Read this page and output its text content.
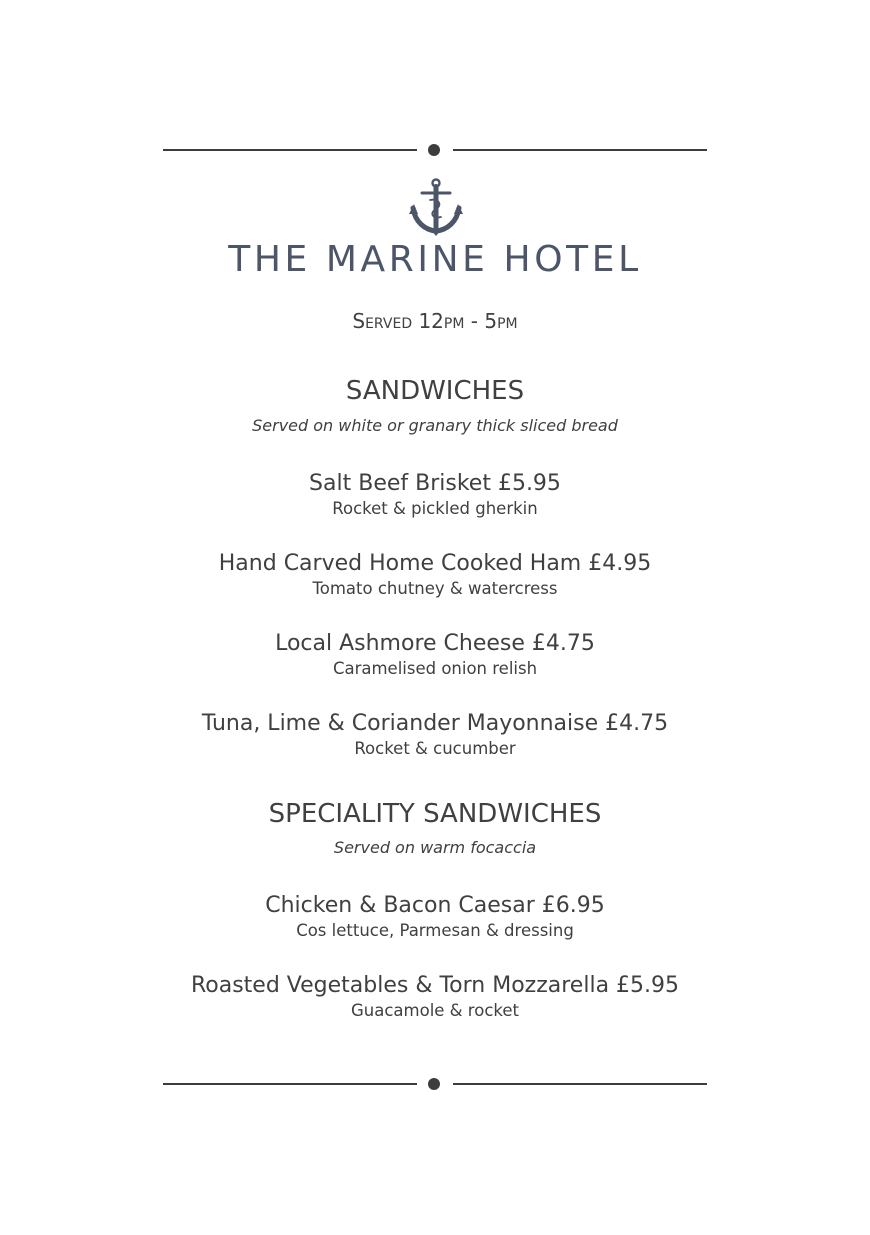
THE MARINE HOTEL
Served 12pm - 5pm
SANDWICHES
Served on white or granary thick sliced bread
Salt Beef Brisket £5.95
Rocket & pickled gherkin
Hand Carved Home Cooked Ham £4.95
Tomato chutney & watercress
Local Ashmore Cheese £4.75
Caramelised onion relish
Tuna, Lime & Coriander Mayonnaise £4.75
Rocket & cucumber
SPECIALITY SANDWICHES
Served on warm focaccia
Chicken & Bacon Caesar £6.95
Cos lettuce, Parmesan & dressing
Roasted Vegetables & Torn Mozzarella £5.95
Guacamole & rocket
